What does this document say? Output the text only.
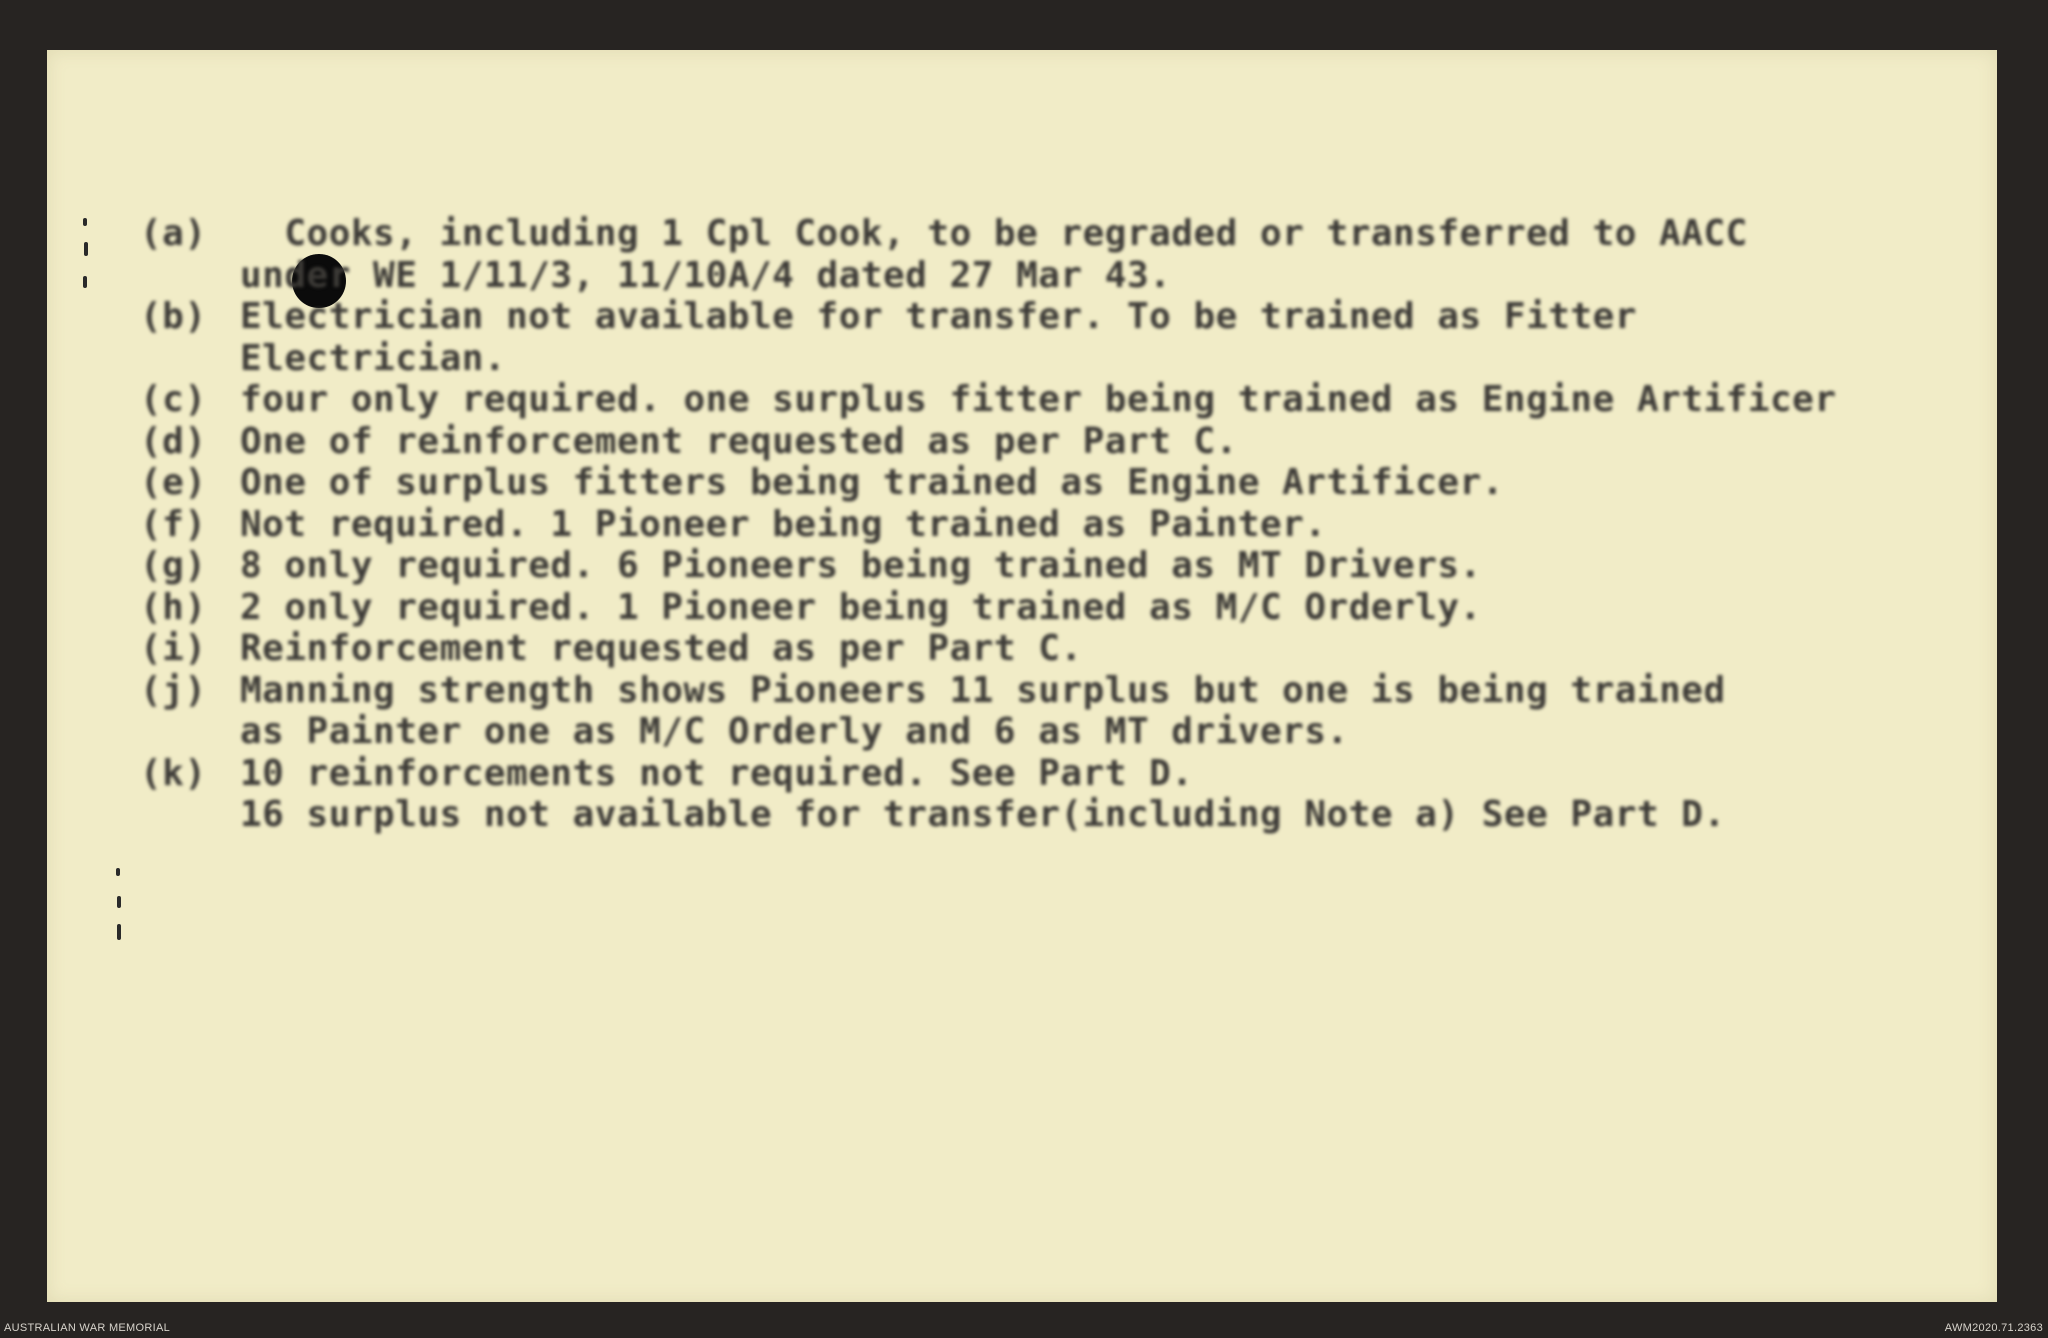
(a) Cooks, including 1 Cpl Cook, to be regraded or transferred to AACC
under WE 1/11/3, 11/10A/4 dated 27 Mar 43.
(b) Electrician not available for transfer. To be trained as Fitter
Electrician.
(c) four only required. one surplus fitter being trained as Engine Artificer
(d) One of reinforcement requested as per Part C.
(e) One of surplus fitters being trained as Engine Artificer.
(f) Not required. 1 Pioneer being trained as Painter.
(g) 8 only required. 6 Pioneers being trained as MT Drivers.
(h) 2 only required. 1 Pioneer being trained as M/C Orderly.
(i) Reinforcement requested as per Part C.
(j) Manning strength shows Pioneers 11 surplus but one is being trained
as Painter one as M/C Orderly and 6 as MT drivers.
(k) 10 reinforcements not required. See Part D.
16 surplus not available for transfer(including Note a) See Part D.
AUSTRALIAN WAR MEMORIAL	AWM2020.71.2363
